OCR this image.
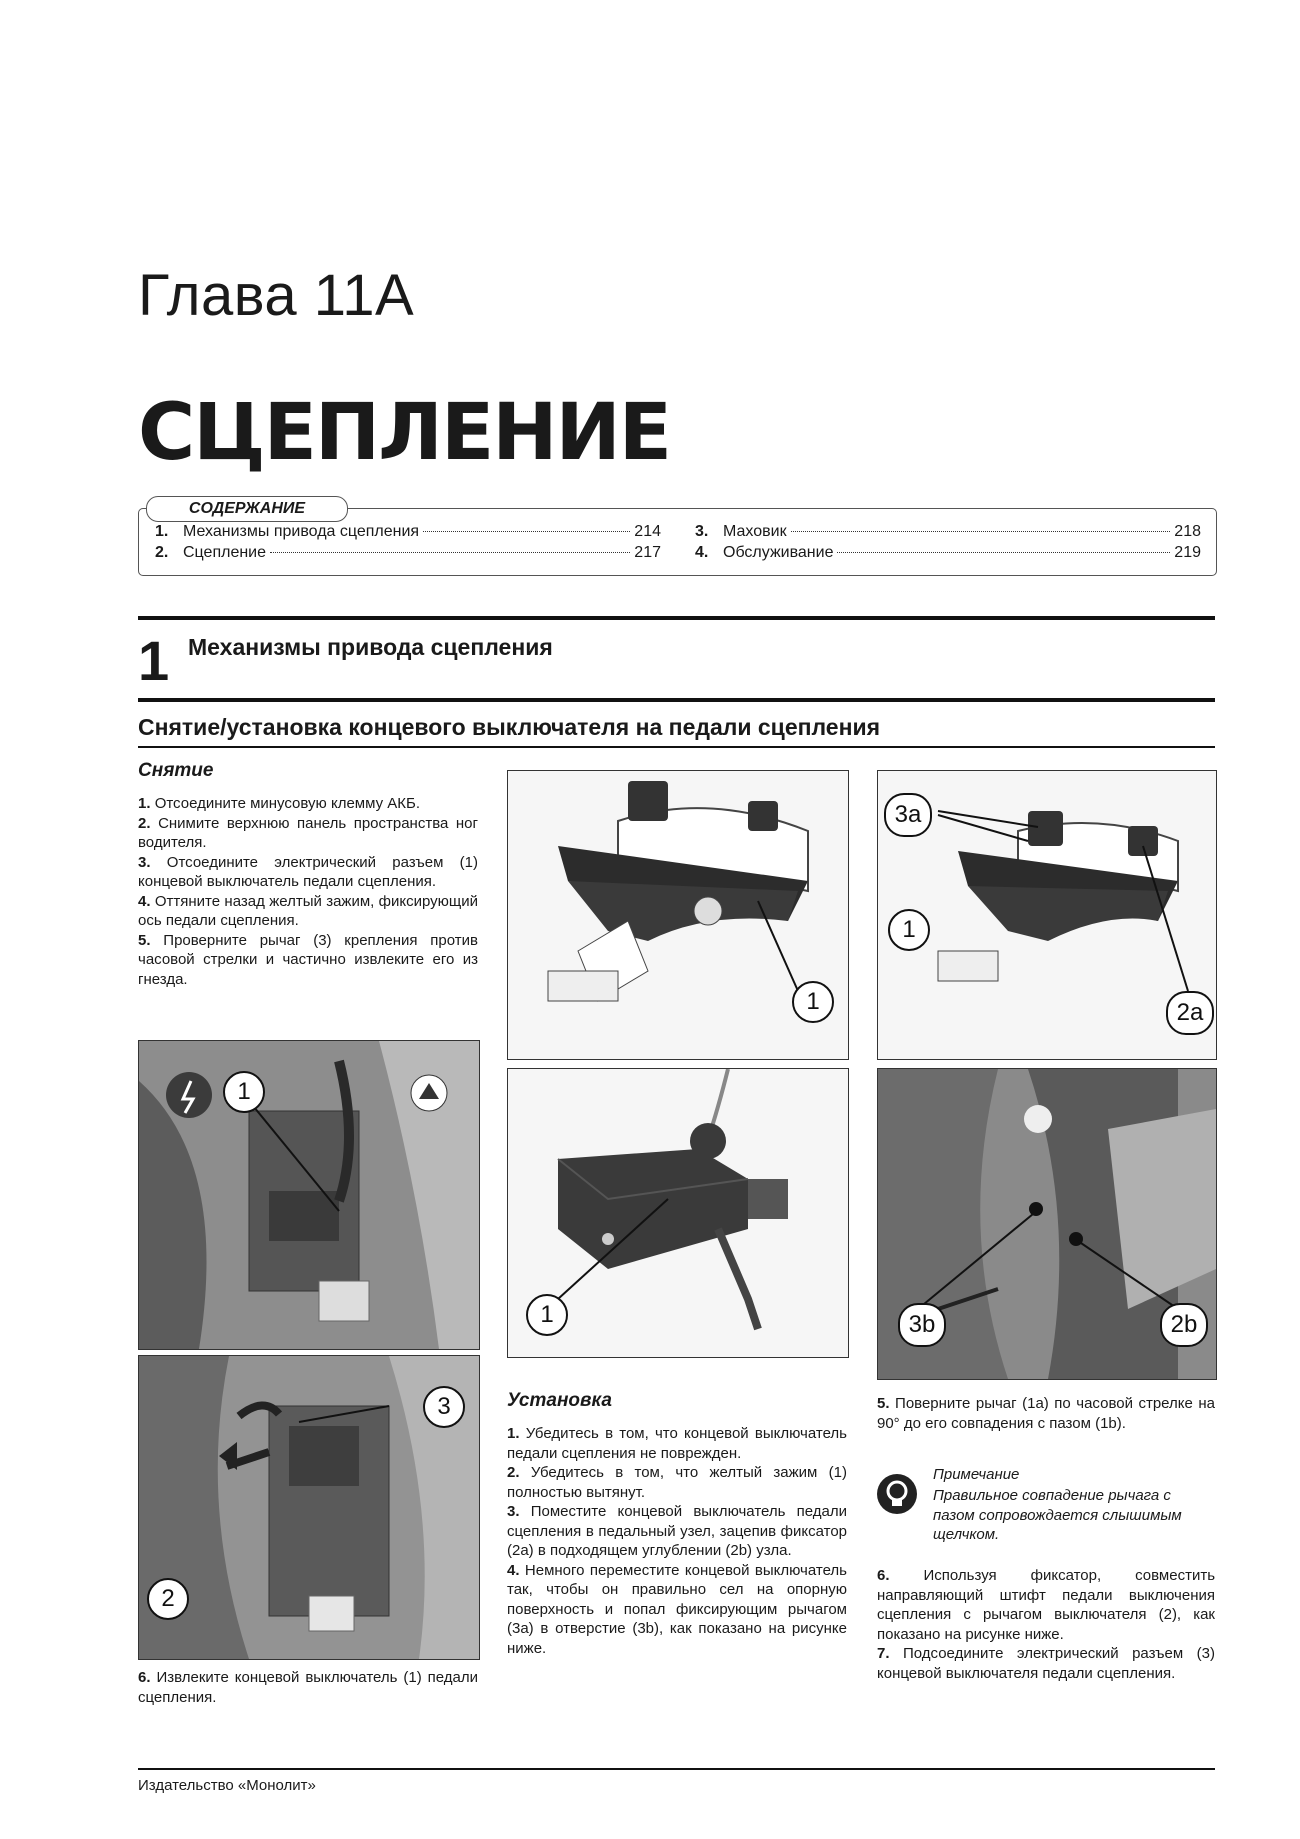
Глава 11А
СЦЕПЛЕНИЕ
1. Механизмы привода сцепления	214
2. Сцепление	217
3. Маховик	218
4. Обслуживание	219
СОДЕРЖАНИЕ
1 Механизмы привода сцепления
Снятие/установка концевого выключателя на педали сцепления
Снятие
1. Отсоедините минусовую клемму АКБ.
2. Снимите верхнюю панель пространства ног водителя.
3. Отсоедините электрический разъем (1) концевой выключатель педали сцепления.
4. Оттяните назад желтый зажим, фиксирующий ось педали сцепления.
5. Проверните рычаг (3) крепления против часовой стрелки и частично извлеките его из гнезда.
1
3
2
6. Извлеките концевой выключатель (1) педали сцепления.
1
1
Установка
1. Убедитесь в том, что концевой выключатель педали сцепления не поврежден.
2. Убедитесь в том, что желтый зажим (1) полностью вытянут.
3. Поместите концевой выключатель педали сцепления в педальный узел, зацепив фиксатор (2a) в подходящем углублении (2b) узла.
4. Немного переместите концевой выключатель так, чтобы он правильно сел на опорную поверхность и попал фиксирующим рычагом (3a) в отверстие (3b), как показано на рисунке ниже.
3a
1
2a
3b	2b
5. Поверните рычаг (1a) по часовой стрелке на 90° до его совпадения с пазом (1b).
Примечание
Правильное совпадение рычага с пазом сопровождается слышимым щелчком.
6. Используя фиксатор, совместить направляющий штифт педали выключения сцепления с рычагом выключателя (2), как показано на рисунке ниже.
7. Подсоедините электрический разъем (3) концевой выключателя педали сцепления.
Издательство «Монолит»
